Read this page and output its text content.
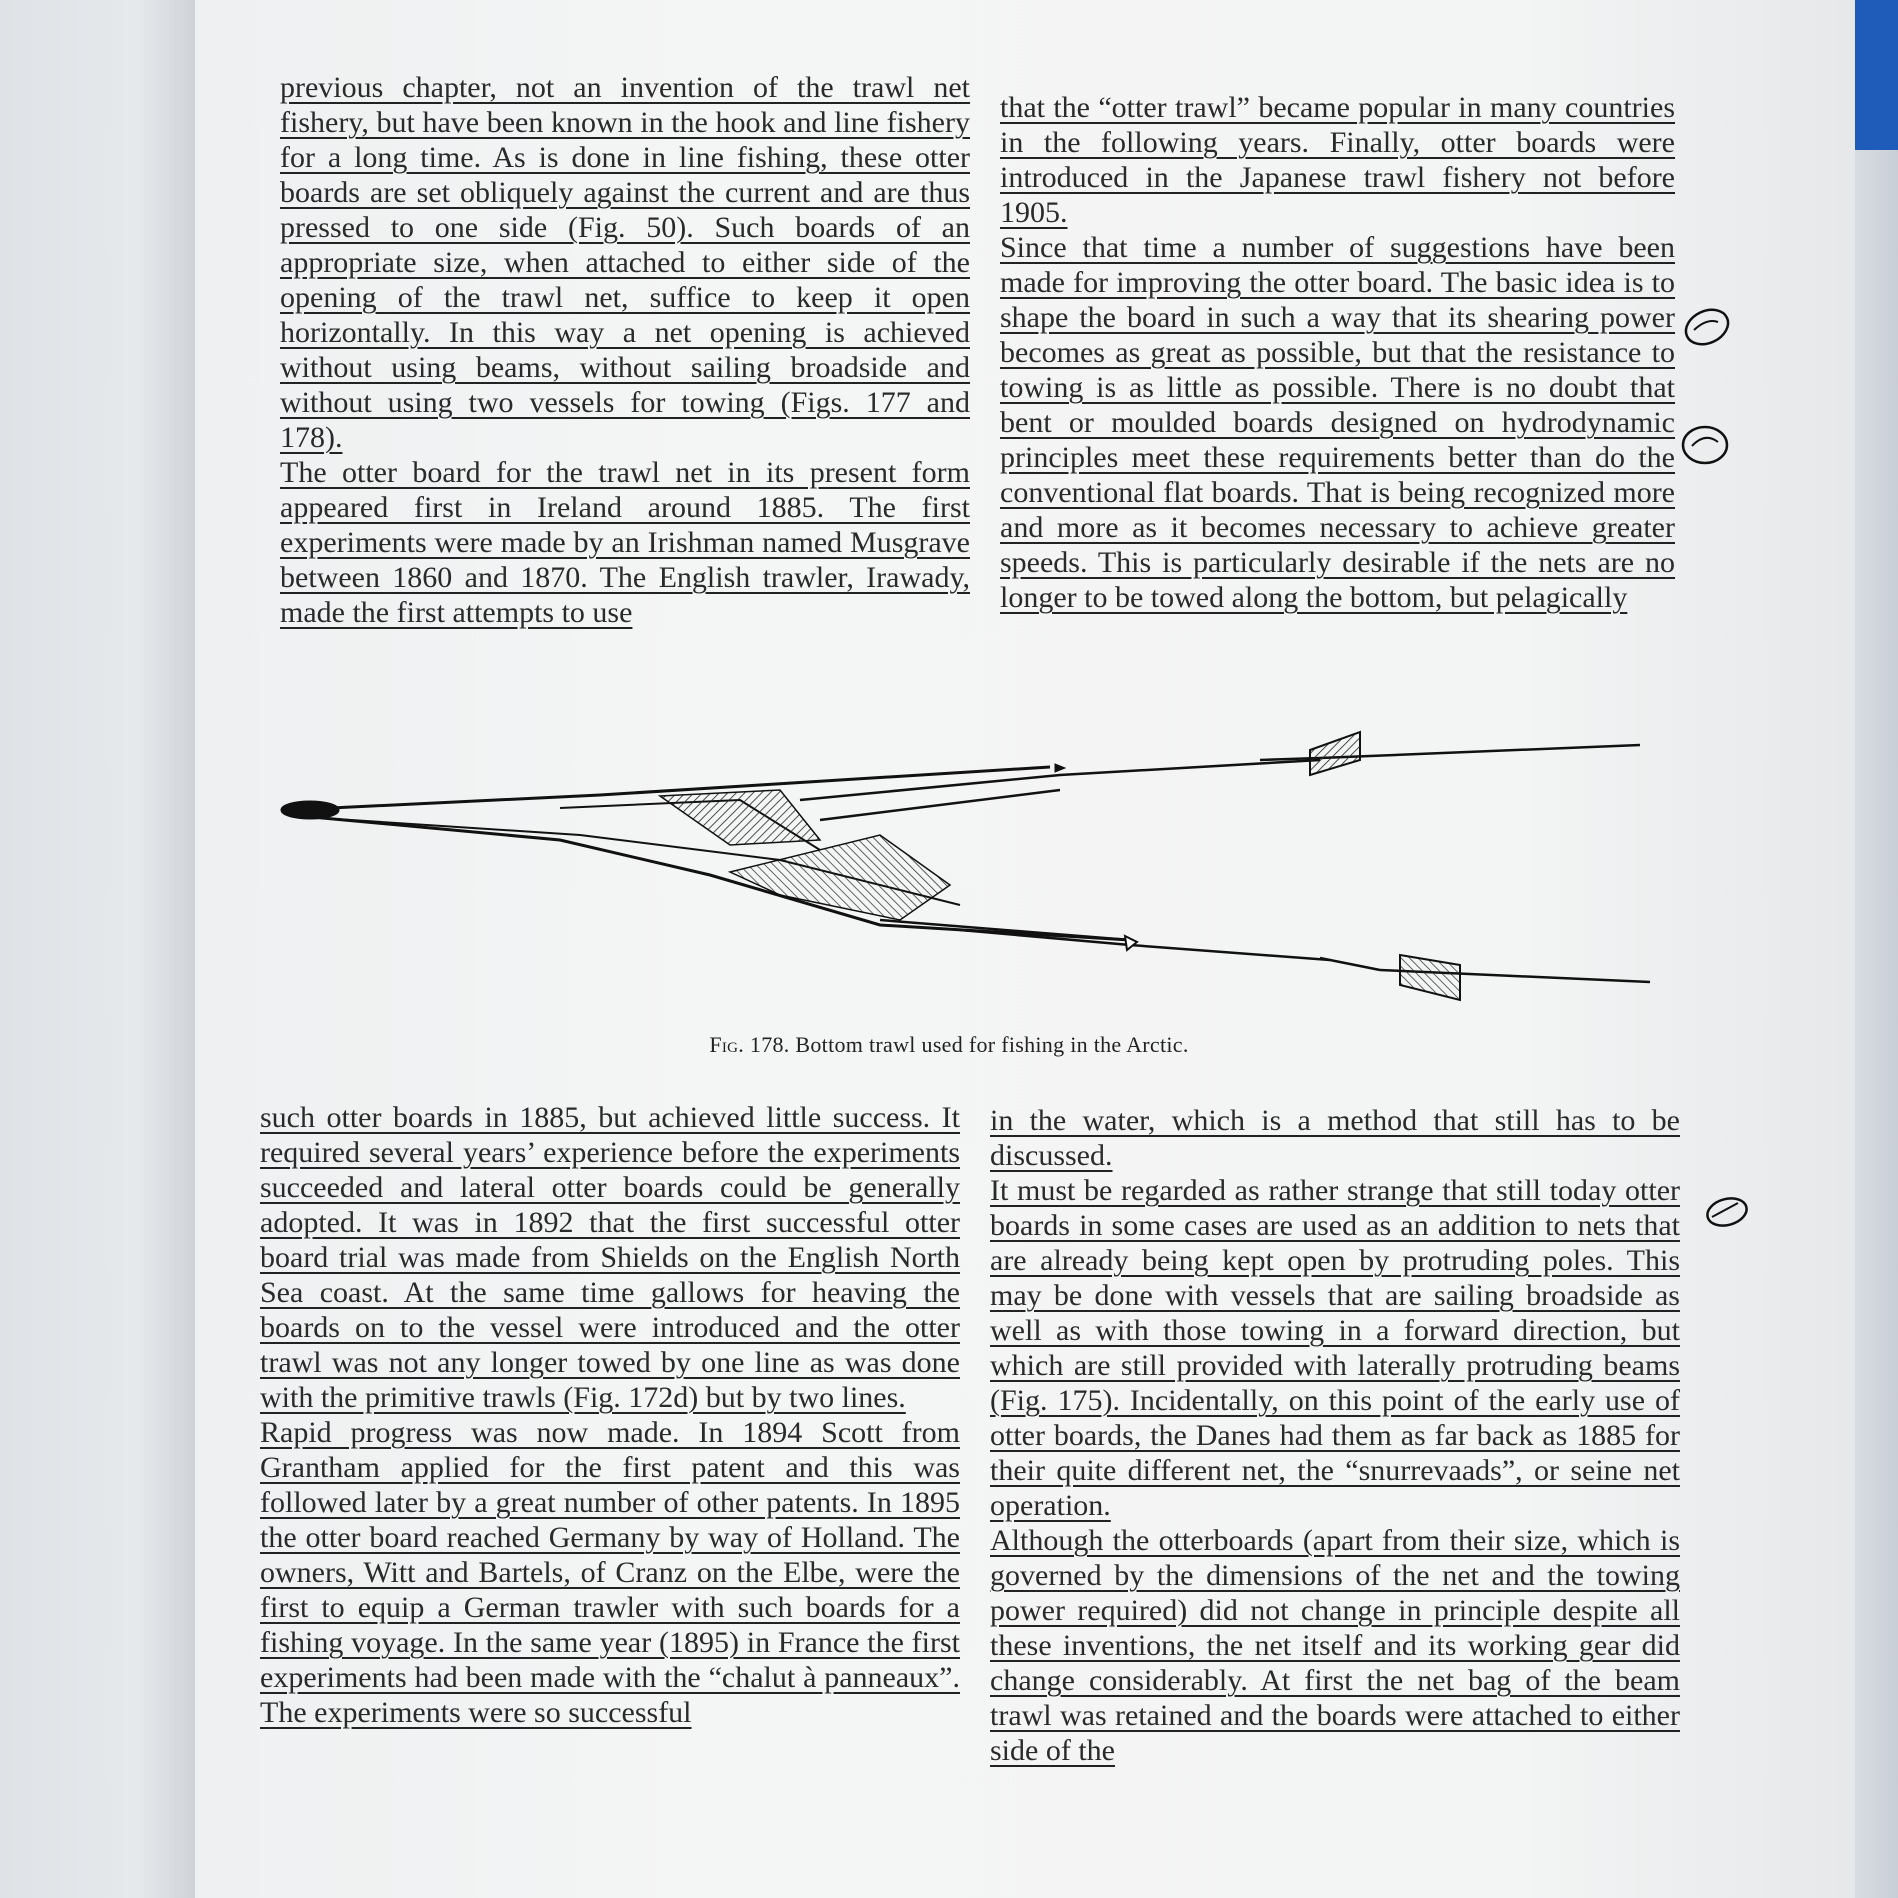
previous chapter, not an invention of the trawl net fishery, but have been known in the hook and line fishery for a long time. As is done in line fishing, these otter boards are set obliquely against the current and are thus pressed to one side (Fig. 50). Such boards of an appropriate size, when attached to either side of the opening of the trawl net, suffice to keep it open horizontally. In this way a net opening is achieved without using beams, without sailing broadside and without using two vessels for towing (Figs. 177 and 178).

The otter board for the trawl net in its present form appeared first in Ireland around 1885. The first experiments were made by an Irishman named Musgrave between 1860 and 1870. The English trawler, Irawady, made the first attempts to use

that the “otter trawl” became popular in many countries in the following years. Finally, otter boards were introduced in the Japanese trawl fishery not before 1905.

Since that time a number of suggestions have been made for improving the otter board. The basic idea is to shape the board in such a way that its shearing power becomes as great as possible, but that the resistance to towing is as little as possible. There is no doubt that bent or moulded boards designed on hydrodynamic principles meet these requirements better than do the conventional flat boards. That is being recognized more and more as it becomes necessary to achieve greater speeds. This is particularly desirable if the nets are no longer to be towed along the bottom, but pelagically

Fig. 178. Bottom trawl used for fishing in the Arctic.

such otter boards in 1885, but achieved little success. It required several years’ experience before the experiments succeeded and lateral otter boards could be generally adopted. It was in 1892 that the first successful otter board trial was made from Shields on the English North Sea coast. At the same time gallows for heaving the boards on to the vessel were introduced and the otter trawl was not any longer towed by one line as was done with the primitive trawls (Fig. 172d) but by two lines.

Rapid progress was now made. In 1894 Scott from Grantham applied for the first patent and this was followed later by a great number of other patents. In 1895 the otter board reached Germany by way of Holland. The owners, Witt and Bartels, of Cranz on the Elbe, were the first to equip a German trawler with such boards for a fishing voyage. In the same year (1895) in France the first experiments had been made with the “chalut à panneaux”. The experiments were so successful

in the water, which is a method that still has to be discussed.

It must be regarded as rather strange that still today otter boards in some cases are used as an addition to nets that are already being kept open by protruding poles. This may be done with vessels that are sailing broadside as well as with those towing in a forward direction, but which are still provided with laterally protruding beams (Fig. 175). Incidentally, on this point of the early use of otter boards, the Danes had them as far back as 1885 for their quite different net, the “snurrevaads”, or seine net operation.

Although the otterboards (apart from their size, which is governed by the dimensions of the net and the towing power required) did not change in principle despite all these inventions, the net itself and its working gear did change considerably. At first the net bag of the beam trawl was retained and the boards were attached to either side of the
